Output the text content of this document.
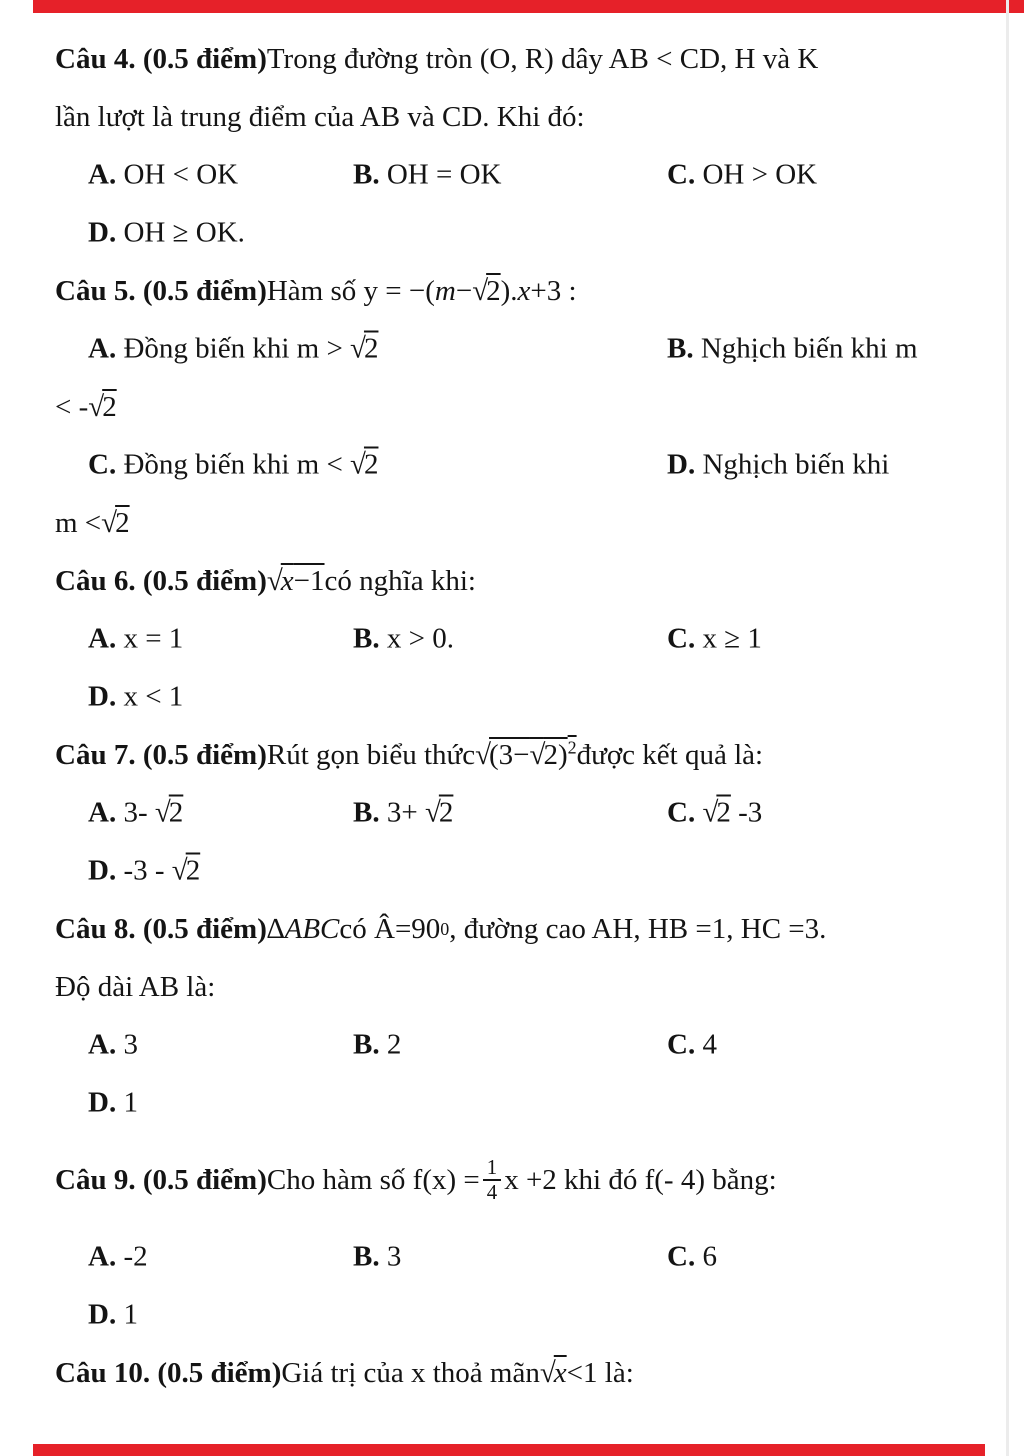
Câu 4. (0.5 điểm) Trong đường tròn (O, R) dây AB < CD, H và K
lần lượt là trung điểm của AB và CD. Khi đó:
A. OH < OK	B. OH = OK	C. OH > OK
D. OH ≥ OK.
Câu 5. (0.5 điểm) Hàm số y = −( m − √2 ). x +3 :
A. Đồng biến khi m > √2	B. Nghịch biến khi m
< - √2
C. Đồng biến khi m < √2	D. Nghịch biến khi
m < √2
Câu 6. (0.5 điểm) √x−1 có nghĩa khi:
A. x = 1	B. x > 0.	C. x ≥ 1
D. x < 1
Câu 7. (0.5 điểm) Rút gọn biểu thức $√(3-√2)^2$ được kết quả là:
A. 3- √2	B. 3+ √2	C. √2 -3
D. -3 - √2
Câu 8. (0.5 điểm) ∆ABC có Â=90 0 , đường cao AH, HB =1, HC =3.
Độ dài AB là:
A. 3	B. 2	C. 4
D. 1
Câu 9. (0.5 điểm) Cho hàm số $f(x) = \frac{1}{4}$ x +2 khi đó f(- 4) bằng:
A. -2	B. 3	C. 6
D. 1
Câu 10. (0.5 điểm) Giá trị của x thoả mãn √x <1 là:
